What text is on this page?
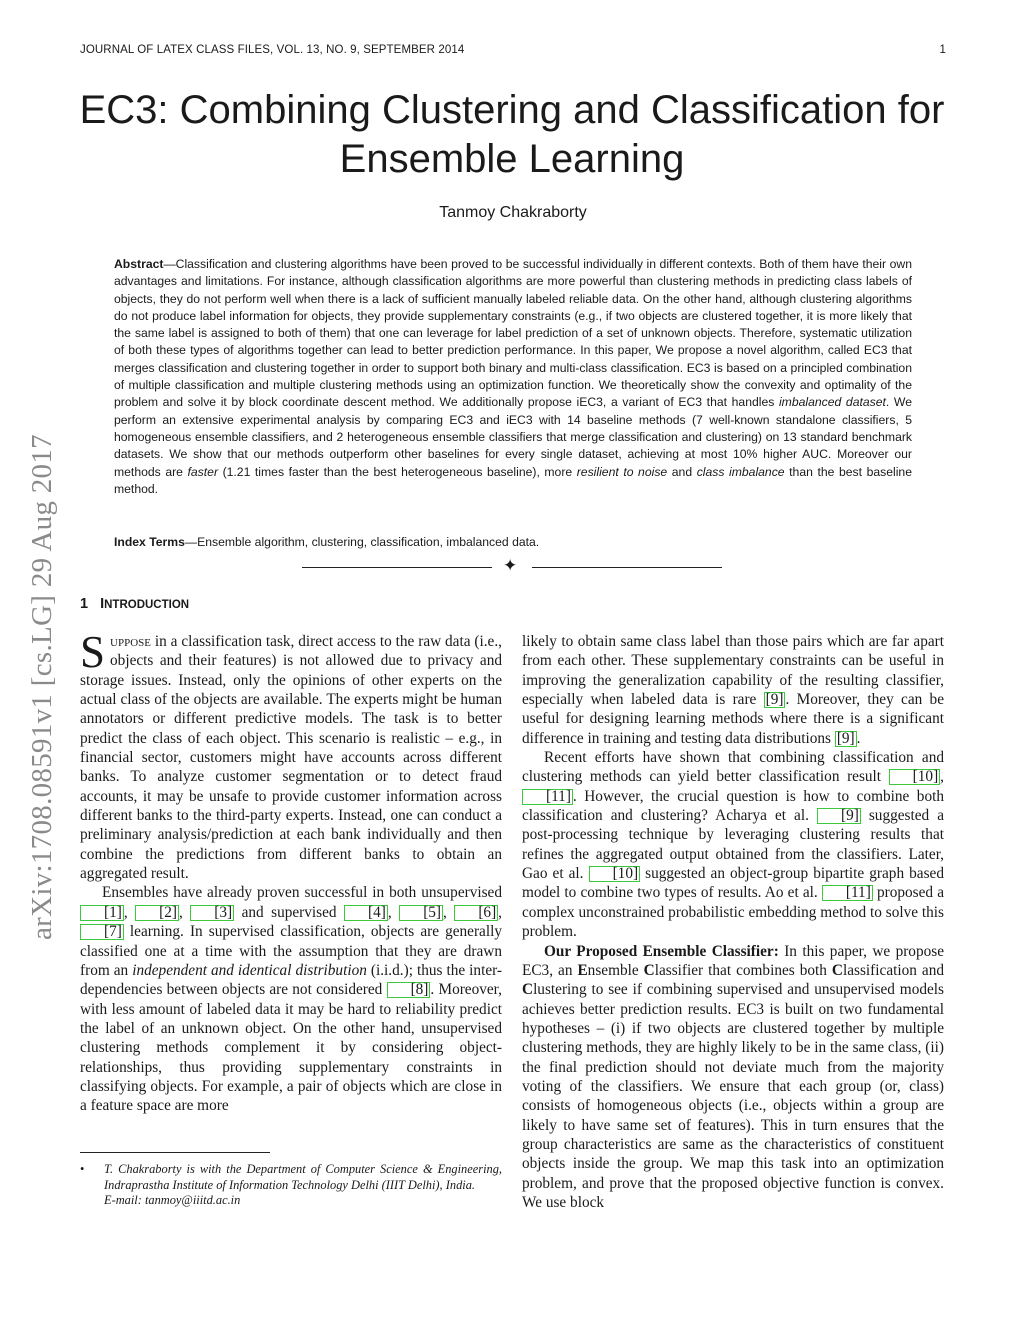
JOURNAL OF LATEX CLASS FILES, VOL. 13, NO. 9, SEPTEMBER 2014	1
EC3: Combining Clustering and Classification for Ensemble Learning
Tanmoy Chakraborty

Abstract—Classification and clustering algorithms have been proved to be successful individually in different contexts. Both of them have their own advantages and limitations. For instance, although classification algorithms are more powerful than clustering methods in predicting class labels of objects, they do not perform well when there is a lack of sufficient manually labeled reliable data. On the other hand, although clustering algorithms do not produce label information for objects, they provide supplementary constraints (e.g., if two objects are clustered together, it is more likely that the same label is assigned to both of them) that one can leverage for label prediction of a set of unknown objects. Therefore, systematic utilization of both these types of algorithms together can lead to better prediction performance. In this paper, We propose a novel algorithm, called EC3 that merges classification and clustering together in order to support both binary and multi-class classification. EC3 is based on a principled combination of multiple classification and multiple clustering methods using an optimization function. We theoretically show the convexity and optimality of the problem and solve it by block coordinate descent method. We additionally propose iEC3, a variant of EC3 that handles imbalanced dataset. We perform an extensive experimental analysis by comparing EC3 and iEC3 with 14 baseline methods (7 well-known standalone classifiers, 5 homogeneous ensemble classifiers, and 2 heterogeneous ensemble classifiers that merge classification and clustering) on 13 standard benchmark datasets. We show that our methods outperform other baselines for every single dataset, achieving at most 10% higher AUC. Moreover our methods are faster (1.21 times faster than the best heterogeneous baseline), more resilient to noise and class imbalance than the best baseline method.

Index Terms—Ensemble algorithm, clustering, classification, imbalanced data.
✦
arXiv:1708.08591v1 [cs.LG] 29 Aug 2017 1 INTRODUCTION

Suppose in a classification task, direct access to the raw data (i.e., objects and their features) is not allowed due to privacy and storage issues. Instead, only the opinions of other experts on the actual class of the objects are available. The experts might be human annotators or different predictive models. The task is to better predict the class of each object. This scenario is realistic – e.g., in financial sector, customers might have accounts across different banks. To analyze customer segmentation or to detect fraud accounts, it may be unsafe to provide customer information across different banks to the third-party experts. Instead, one can conduct a preliminary analysis/prediction at each bank individually and then combine the predictions from different banks to obtain an aggregated result.

Ensembles have already proven successful in both unsupervised [1] , [2] , [3] and supervised [4] , [5] , [6] , [7] learning. In supervised classification, objects are generally classified one at a time with the assumption that they are drawn from an independent and identical distribution (i.i.d.); thus the inter-dependencies between objects are not considered [8] . Moreover, with less amount of labeled data it may be hard to reliability predict the label of an unknown object. On the other hand, unsupervised clustering methods complement it by considering object-relationships, thus providing supplementary constraints in classifying objects. For example, a pair of objects which are close in a feature space are more

• T. Chakraborty is with the Department of Computer Science & Engineering, Indraprastha Institute of Information Technology Delhi (IIIT Delhi), India.
E-mail: tanmoy@iiitd.ac.in

likely to obtain same class label than those pairs which are far apart from each other. These supplementary constraints can be useful in improving the generalization capability of the resulting classifier, especially when labeled data is rare [9] . Moreover, they can be useful for designing learning methods where there is a significant difference in training and testing data distributions [9] .

Recent efforts have shown that combining classification and clustering methods can yield better classification result [10] , [11] . However, the crucial question is how to combine both classification and clustering? Acharya et al. [9] suggested a post-processing technique by leveraging clustering results that refines the aggregated output obtained from the classifiers. Later, Gao et al. [10] suggested an object-group bipartite graph based model to combine two types of results. Ao et al. [11] proposed a complex unconstrained probabilistic embedding method to solve this problem.

Our Proposed Ensemble Classifier: In this paper, we propose EC3, an Ensemble Classifier that combines both Classification and Clustering to see if combining supervised and unsupervised models achieves better prediction results. EC3 is built on two fundamental hypotheses – (i) if two objects are clustered together by multiple clustering methods, they are highly likely to be in the same class, (ii) the final prediction should not deviate much from the majority voting of the classifiers. We ensure that each group (or, class) consists of homogeneous objects (i.e., objects within a group are likely to have same set of features). This in turn ensures that the group characteristics are same as the characteristics of constituent objects inside the group. We map this task into an optimization problem, and prove that the proposed objective function is convex. We use block
